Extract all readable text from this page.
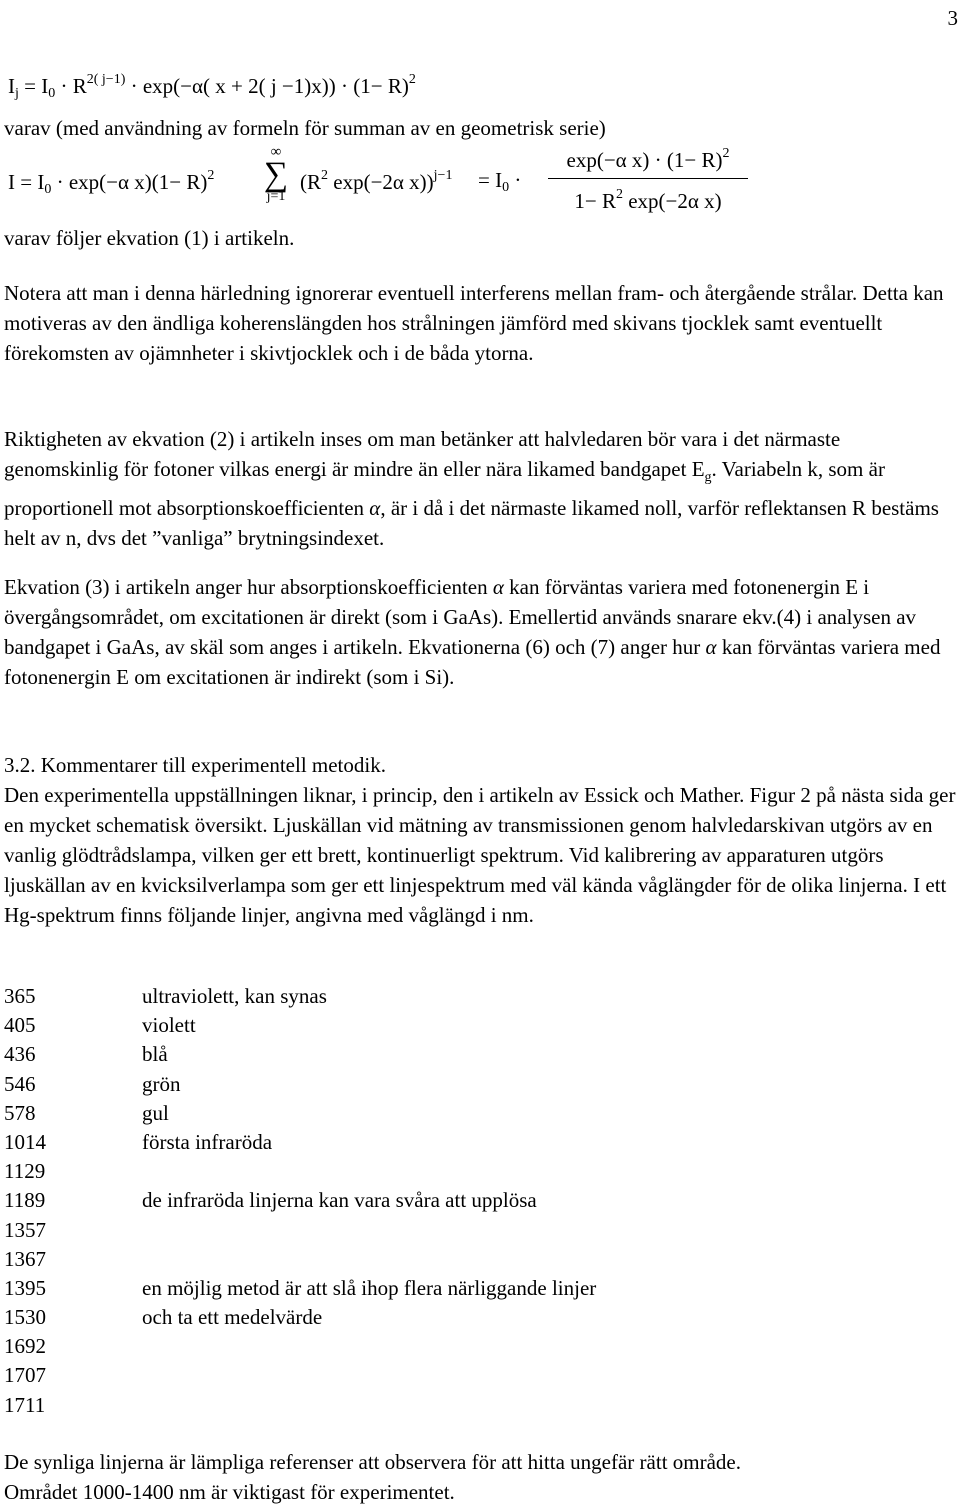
3
$I_j = I_0 \cdot R^{2( j-1)} \cdot \exp(-\alpha$( x + 2( $j -1)x)) \cdot (1- R)^2$
varav (med användning av formeln för summan av en geometrisk serie)
$I = I_0 \cdot \exp(-\alpha$ $x)(1- R)^2$
∞
∑
j=1
($R^2$ exp(−2α $x))^{j-1} = I_0$ ·
exp(−α $x) \cdot (1- R)^2$
$1- R^2$ exp(−2α x)
varav följer ekvation (1) i artikeln.

Notera att man i denna härledning ignorerar eventuell interferens mellan fram- och återgående strålar. Detta kan motiveras av den ändliga koherenslängden hos strålningen jämförd med skivans tjocklek samt eventuellt förekomsten av ojämnheter i skivtjocklek och i de båda ytorna.

Riktigheten av ekvation (2) i artikeln inses om man betänker att halvledaren bör vara i det närmaste genomskinlig för fotoner vilkas energi är mindre än eller nära likamed bandgapet $E_g$. Variabeln k, som är proportionell mot absorptionskoefficienten α, är i då i det närmaste likamed noll, varför reflektansen R bestäms helt av n, dvs det ”vanliga” brytningsindexet.

Ekvation (3) i artikeln anger hur absorptionskoefficienten α kan förväntas variera med fotonenergin E i övergångsområdet, om excitationen är direkt (som i GaAs). Emellertid används snarare ekv.(4) i analysen av bandgapet i GaAs, av skäl som anges i artikeln. Ekvationerna (6) och (7) anger hur α kan förväntas variera med fotonenergin E om excitationen är indirekt (som i Si).

3.2. Kommentarer till experimentell metodik.

Den experimentella uppställningen liknar, i princip, den i artikeln av Essick och Mather. Figur 2 på nästa sida ger en mycket schematisk översikt. Ljuskällan vid mätning av transmissionen genom halvledarskivan utgörs av en vanlig glödtrådslampa, vilken ger ett brett, kontinuerligt spektrum. Vid kalibrering av apparaturen utgörs ljuskällan av en kvicksilverlampa som ger ett linjespektrum med väl kända våglängder för de olika linjerna. I ett Hg-spektrum finns följande linjer, angivna med våglängd i nm.

365	ultraviolett, kan synas
405	violett
436	blå
546	grön
578	gul
1014	första infraröda
1129
1189	de infraröda linjerna kan vara svåra att upplösa
1357
1367
1395	en möjlig metod är att slå ihop flera närliggande linjer
1530	och ta ett medelvärde
1692
1707
1711
De synliga linjerna är lämpliga referenser att observera för att hitta ungefär rätt område.
Området 1000-1400 nm är viktigast för experimentet.
